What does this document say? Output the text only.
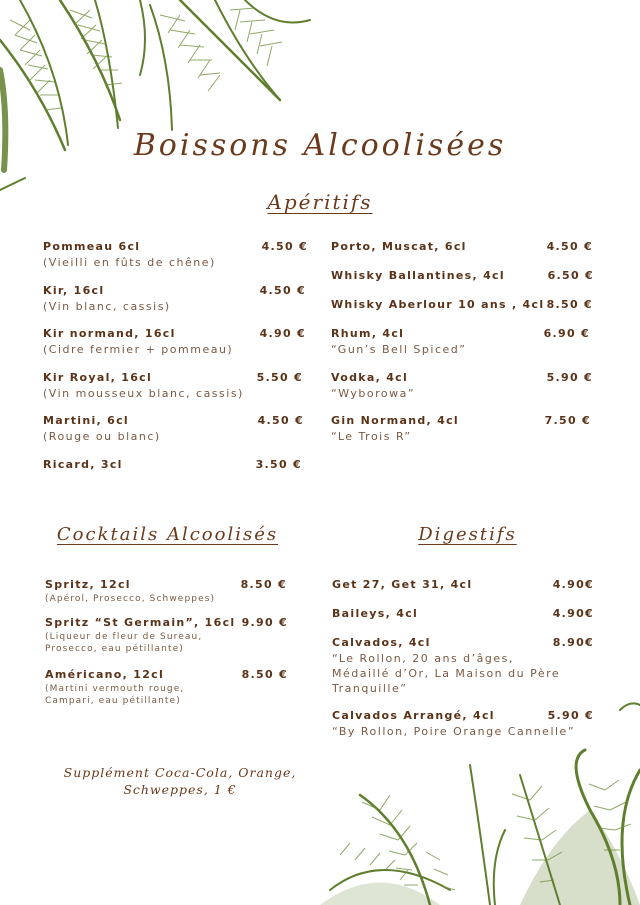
Boissons Alcoolisées
Apéritifs
Pommeau 6cl	4.50 €
(Vieilli en fûts de chêne)
Kir, 16cl	4.50 €
(Vin blanc, cassis)
Kir normand, 16cl	4.90 €
(Cidre fermier + pommeau)
Kir Royal, 16cl	5.50 €
(Vin mousseux blanc, cassis)
Martini, 6cl	4.50 €
(Rouge ou blanc)
Ricard, 3cl	3.50 €
Porto, Muscat, 6cl	4.50 €
Whisky Ballantines, 4cl	6.50 €
Whisky Aberlour 10 ans , 4cl 8.50 €
Rhum, 4cl	6.90 €
“Gun’s Bell Spiced”
Vodka, 4cl	5.90 €
“Wyborowa”
Gin Normand, 4cl	7.50 €
“Le Trois R”
Cocktails Alcoolisés
Spritz, 12cl	8.50 €
(Apérol, Prosecco, Schweppes)
Spritz “St Germain”, 16cl 9.90 €
(Liqueur de fleur de Sureau, Prosecco, eau pétillante)
Américano, 12cl	8.50 €
(Martini vermouth rouge, Campari, eau pétillante)
Supplément Coca-Cola, Orange, Schweppes, 1 €
Digestifs
Get 27, Get 31, 4cl	4.90€
Baileys, 4cl	4.90€
Calvados, 4cl	8.90€
“Le Rollon, 20 ans d’âges, Médaillé d’Or, La Maison du Père Tranquille”
Calvados Arrangé, 4cl	5.90 €
“By Rollon, Poire Orange Cannelle”
